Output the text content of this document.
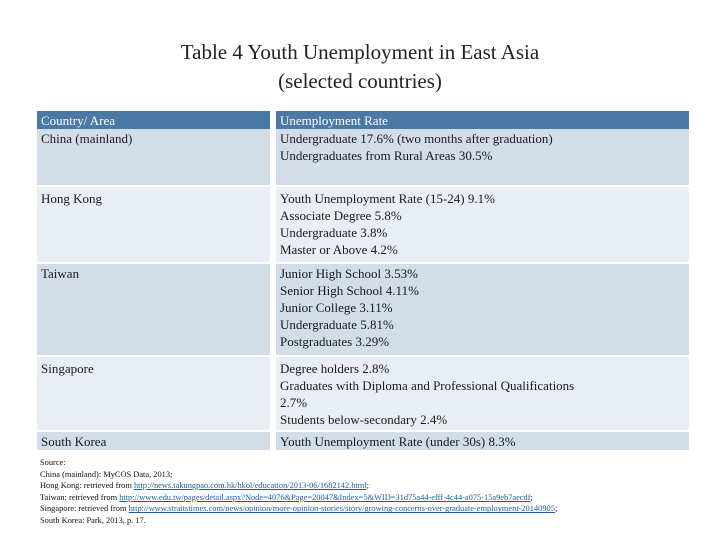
Table 4 Youth Unemployment in East Asia
(selected countries)
Country/ Area	Unemployment Rate
China (mainland)	Undergraduate 17.6% (two months after graduation)
Undergraduates from Rural Areas 30.5%

Hong Kong	Youth Unemployment Rate (15-24) 9.1%
Associate Degree 5.8%
Undergraduate 3.8%
Master or Above 4.2%

Taiwan	Junior High School 3.53%
Senior High School 4.11%
Junior College 3.11%
Undergraduate 5.81%
Postgraduates 3.29%

Singapore	Degree holders 2.8%
Graduates with Diploma and Professional Qualifications
2.7%
Students below-secondary 2.4%

South Korea	Youth Unemployment Rate (under 30s) 8.3%
Source:
China (mainland): MyCOS Data, 2013;
Hong Kong: retrieved from http://news.takungpao.com.hk/hkol/education/2013-06/1682142.html;
Taiwan: retrieved from http://www.edu.tw/pages/detail.aspx?Node=4076&Page=20047&Index=5&WID=31d75a44-efff-4c44-a075-15a9eb7aecdf;
Singapore: retrieved from http://www.straitstimes.com/news/opinion/more-opinion-stories/story/growing-concerns-over-graduate-employment-20140905;
South Korea: Park, 2013, p. 17.
